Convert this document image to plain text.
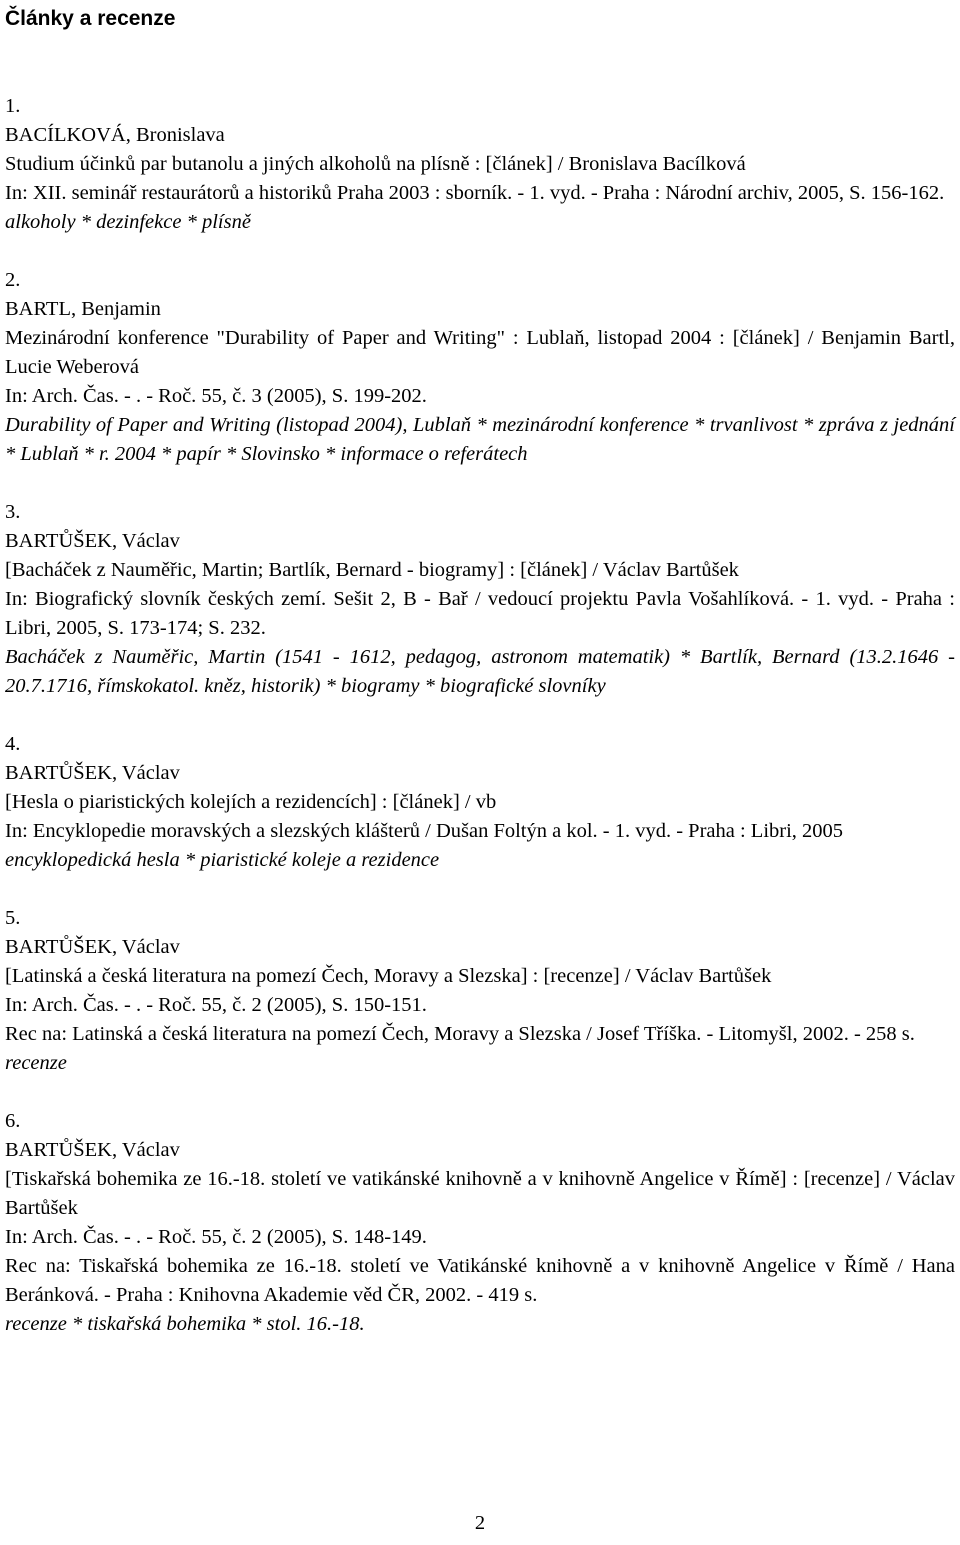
Články a recenze
1.
BACÍLKOVÁ, Bronislava
Studium účinků par butanolu a jiných alkoholů na plísně : [článek] / Bronislava Bacílková
In: XII. seminář restaurátorů a historiků Praha 2003 : sborník. - 1. vyd. - Praha : Národní archiv, 2005, S. 156-162.
alkoholy * dezinfekce * plísně
2.
BARTL, Benjamin
Mezinárodní konference "Durability of Paper and Writing" : Lublaň, listopad 2004 : [článek] / Benjamin Bartl, Lucie Weberová
In: Arch. Čas. - . - Roč. 55, č. 3 (2005), S. 199-202.
Durability of Paper and Writing (listopad 2004), Lublaň * mezinárodní konference * trvanlivost * zpráva z jednání * Lublaň * r. 2004 * papír * Slovinsko * informace o referátech
3.
BARTŮŠEK, Václav
[Bacháček z Nauměřic, Martin; Bartlík, Bernard - biogramy] : [článek] / Václav Bartůšek
In: Biografický slovník českých zemí. Sešit 2, B - Bař / vedoucí projektu Pavla Vošahlíková. - 1. vyd. - Praha : Libri, 2005, S. 173-174; S. 232.
Bacháček z Nauměřic, Martin (1541 - 1612, pedagog, astronom matematik) * Bartlík, Bernard (13.2.1646 - 20.7.1716, římskokatol. kněz, historik) * biogramy * biografické slovníky
4.
BARTŮŠEK, Václav
[Hesla o piaristických kolejích a rezidencích] : [článek] / vb
In: Encyklopedie moravských a slezských klášterů / Dušan Foltýn a kol. - 1. vyd. - Praha : Libri, 2005
encyklopedická hesla * piaristické koleje a rezidence
5.
BARTŮŠEK, Václav
[Latinská a česká literatura na pomezí Čech, Moravy a Slezska] : [recenze] / Václav Bartůšek
In: Arch. Čas. - . - Roč. 55, č. 2 (2005), S. 150-151.
Rec na: Latinská a česká literatura na pomezí Čech, Moravy a Slezska / Josef Tříška. - Litomyšl, 2002. - 258 s.
recenze
6.
BARTŮŠEK, Václav
[Tiskařská bohemika ze 16.-18. století ve vatikánské knihovně a v knihovně Angelice v Římě] : [recenze] / Václav Bartůšek
In: Arch. Čas. - . - Roč. 55, č. 2 (2005), S. 148-149.
Rec na: Tiskařská bohemika ze 16.-18. století ve Vatikánské knihovně a v knihovně Angelice v Římě / Hana Beránková. - Praha : Knihovna Akademie věd ČR, 2002. - 419 s.
recenze * tiskařská bohemika * stol. 16.-18.
2
